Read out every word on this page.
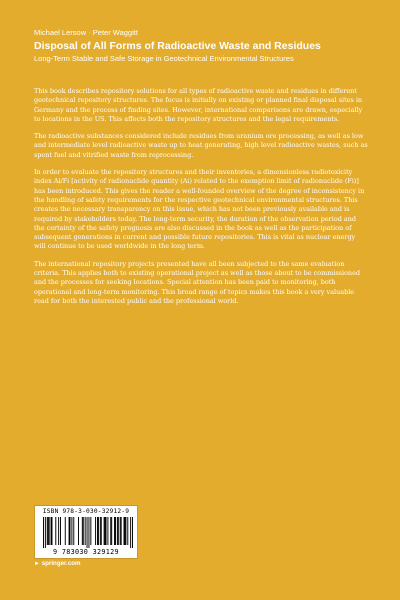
Michael Lersow · Peter Waggitt
Disposal of All Forms of Radioactive Waste and Residues
Long-Term Stable and Safe Storage in Geotechnical Environmental Structures

This book describes repository solutions for all types of radioactive waste and residues in different geotechnical repository structures. The focus is initially on existing or planned final disposal sites in Germany and the process of finding sites. However, international comparisons are drawn, especially to locations in the US. This affects both the repository structures and the legal requirements.

The radioactive substances considered include residues from uranium ore processing, as well as low and intermediate level radioactive waste up to heat generating, high level radioactive wastes, such as spent fuel and vitrified waste from reprocessing.

In order to evaluate the repository structures and their inventories, a dimensionless radiotoxicity index Ai/Fi [activity of radionuclide quantity (Ai) related to the exemption limit of radionuclide (Fi)] has been introduced. This gives the reader a well-founded overview of the degree of inconsistency in the handling of safety requirements for the respective geotechnical environmental structures. This creates the necessary transparency on this issue, which has not been previously available and is required by stakeholders today. The long-term security, the duration of the observation period and the certainty of the safety prognosis are also discussed in the book as well as the participation of subsequent generations in current and possible future repositories. This is vital as nuclear energy will continue to be used worldwide in the long term.

The international repository projects presented have all been subjected to the same evaluation criteria. This applies both to existing operational project as well as those about to be commissioned and the processes for seeking locations. Special attention has been paid to monitoring, both operational and long-term monitoring. This broad range of topics makes this book a very valuable read for both the interested public and the professional world.

ISBN 978-3-030-32912-9
9 783030 329129
► springer.com
